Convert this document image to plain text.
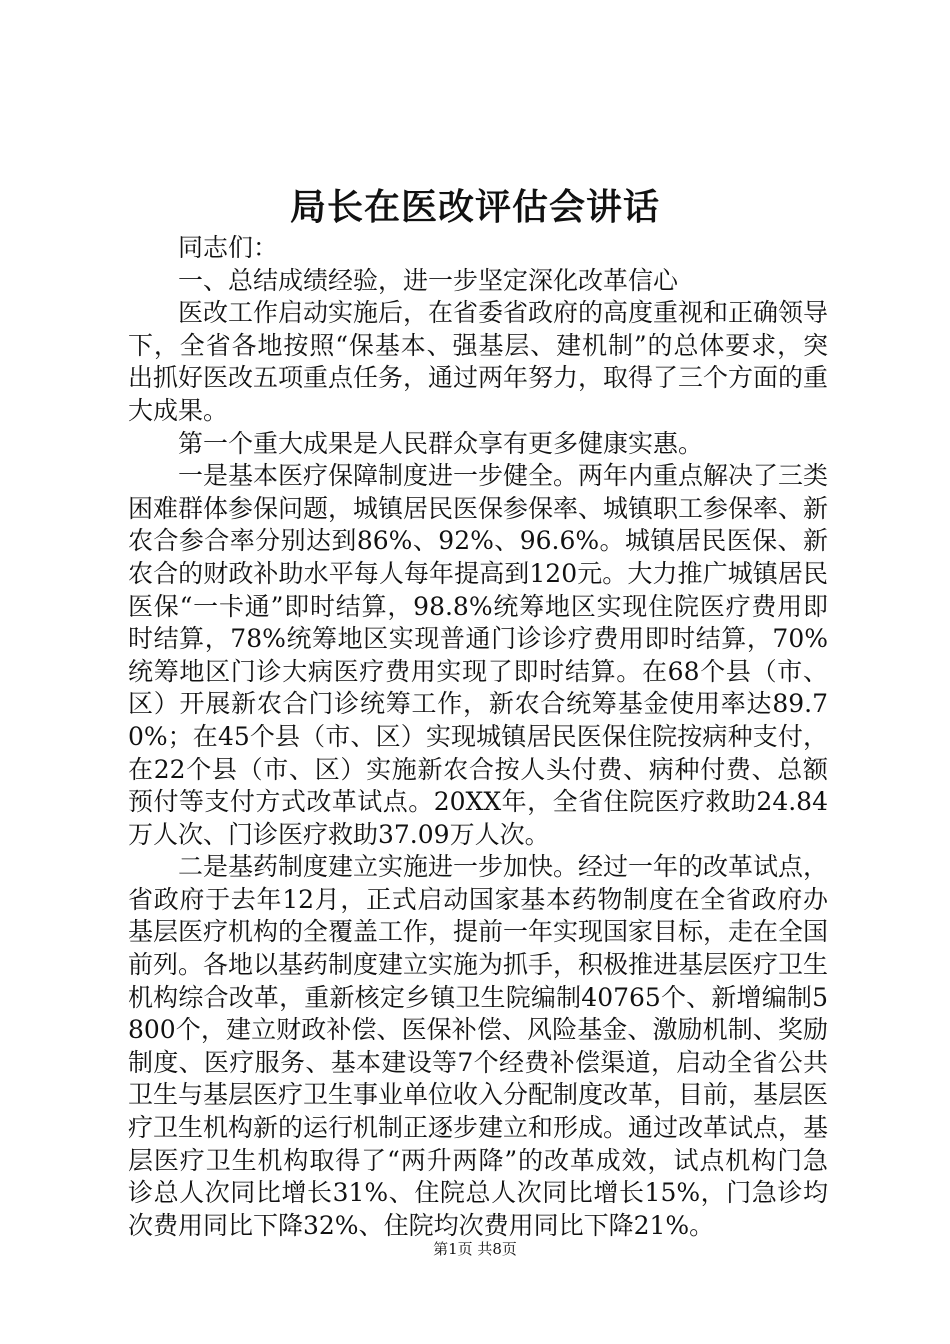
局长在医改评估会讲话

同志们：

一、总结成绩经验，进一步坚定深化改革信心

医改工作启动实施后，在省委省政府的高度重视和正确领导下，全省各地按照“保基本、强基层、建机制”的总体要求，突出抓好医改五项重点任务，通过两年努力，取得了三个方面的重大成果。

第一个重大成果是人民群众享有更多健康实惠。

一是基本医疗保障制度进一步健全。两年内重点解决了三类困难群体参保问题，城镇居民医保参保率、城镇职工参保率、新农合参合率分别达到86%、92%、96.6%。城镇居民医保、新农合的财政补助水平每人每年提高到120元。大力推广城镇居民医保“一卡通”即时结算，98.8%统筹地区实现住院医疗费用即时结算，78%统筹地区实现普通门诊诊疗费用即时结算，70%统筹地区门诊大病医疗费用实现了即时结算。在68个县（市、区）开展新农合门诊统筹工作，新农合统筹基金使用率达89.70%；在45个县（市、区）实现城镇居民医保住院按病种支付，在22个县（市、区）实施新农合按人头付费、病种付费、总额预付等支付方式改革试点。20XX年，全省住院医疗救助24.84万人次、门诊医疗救助37.09万人次。

二是基药制度建立实施进一步加快。经过一年的改革试点，省政府于去年12月，正式启动国家基本药物制度在全省政府办基层医疗机构的全覆盖工作，提前一年实现国家目标，走在全国前列。各地以基药制度建立实施为抓手，积极推进基层医疗卫生机构综合改革，重新核定乡镇卫生院编制40765个、新增编制5800个，建立财政补偿、医保补偿、风险基金、激励机制、奖励制度、医疗服务、基本建设等7个经费补偿渠道，启动全省公共卫生与基层医疗卫生事业单位收入分配制度改革，目前，基层医疗卫生机构新的运行机制正逐步建立和形成。通过改革试点，基层医疗卫生机构取得了“两升两降”的改革成效，试点机构门急诊总人次同比增长31%、住院总人次同比增长15%，门急诊均次费用同比下降32%、住院均次费用同比下降21%。

第1页 共8页
